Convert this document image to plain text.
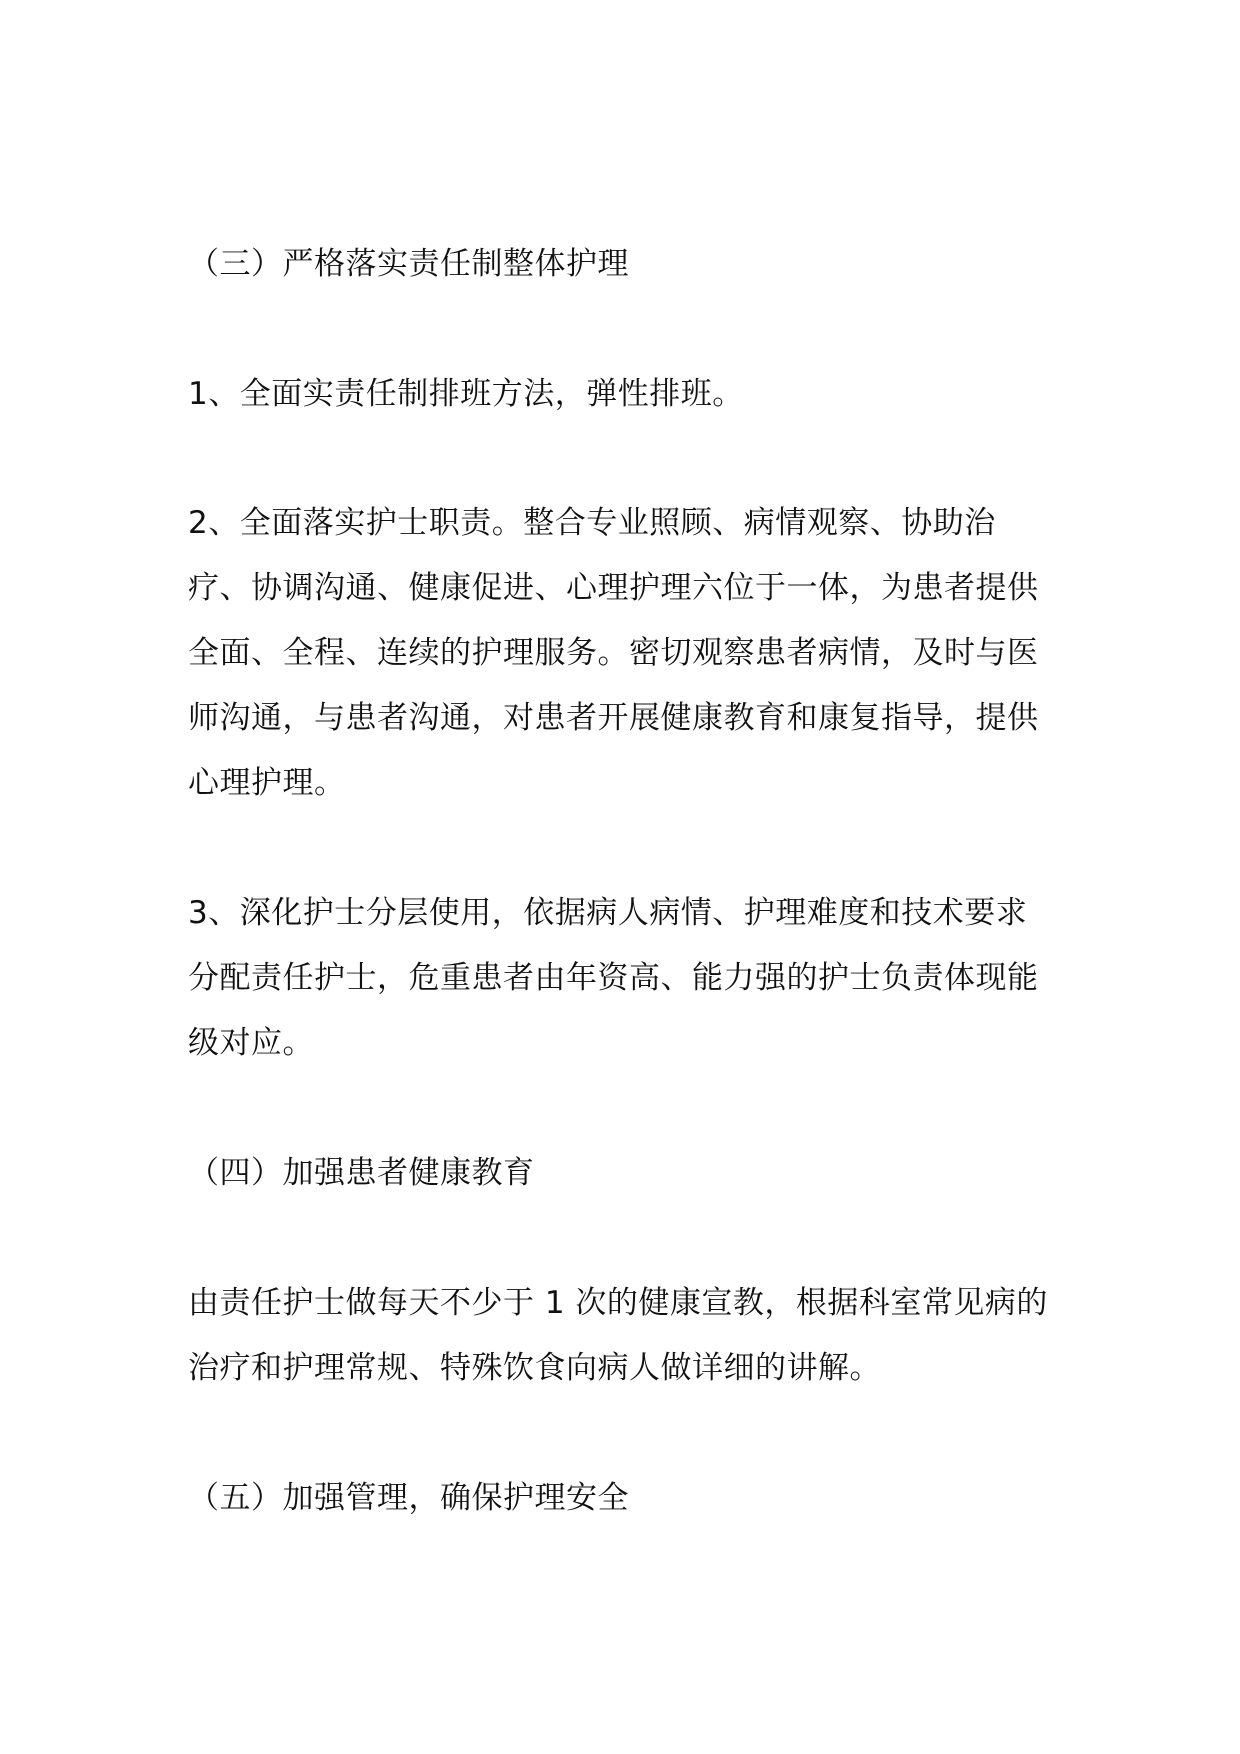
（三）严格落实责任制整体护理

1、全面实责任制排班方法，弹性排班。

2、全面落实护士职责。整合专业照顾、病情观察、协助治疗、协调沟通、健康促进、心理护理六位于一体，为患者提供全面、全程、连续的护理服务。密切观察患者病情，及时与医师沟通，与患者沟通，对患者开展健康教育和康复指导，提供心理护理。

3、深化护士分层使用，依据病人病情、护理难度和技术要求分配责任护士，危重患者由年资高、能力强的护士负责体现能级对应。

（四）加强患者健康教育

由责任护士做每天不少于 1 次的健康宣教，根据科室常见病的治疗和护理常规、特殊饮食向病人做详细的讲解。

（五）加强管理，确保护理安全
